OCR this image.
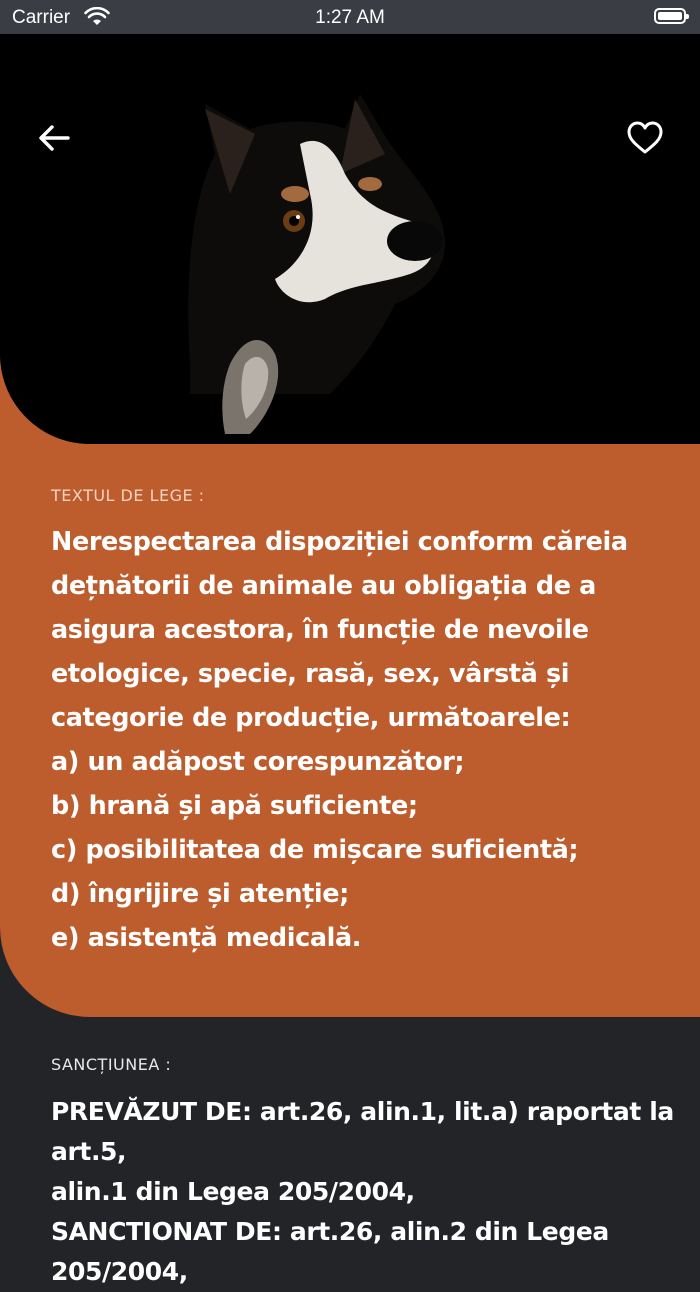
Carrier	1:27 AM
TEXTUL DE LEGE :
Nerespectarea dispoziției conform căreia
dețnătorii de animale au obligația de a
asigura acestora, în funcție de nevoile
etologice, specie, rasă, sex, vârstă și
categorie de producție, următoarele:
a) un adăpost corespunzător;
b) hrană și apă suficiente;
c) posibilitatea de mișcare suficientă;
d) îngrijire și atenție;
e) asistență medicală.
SANCȚIUNEA :
PREVĂZUT DE: art.26, alin.1, lit.a) raportat la art.5,
alin.1 din Legea 205/2004,
SANCTIONAT DE: art.26, alin.2 din Legea
205/2004,
